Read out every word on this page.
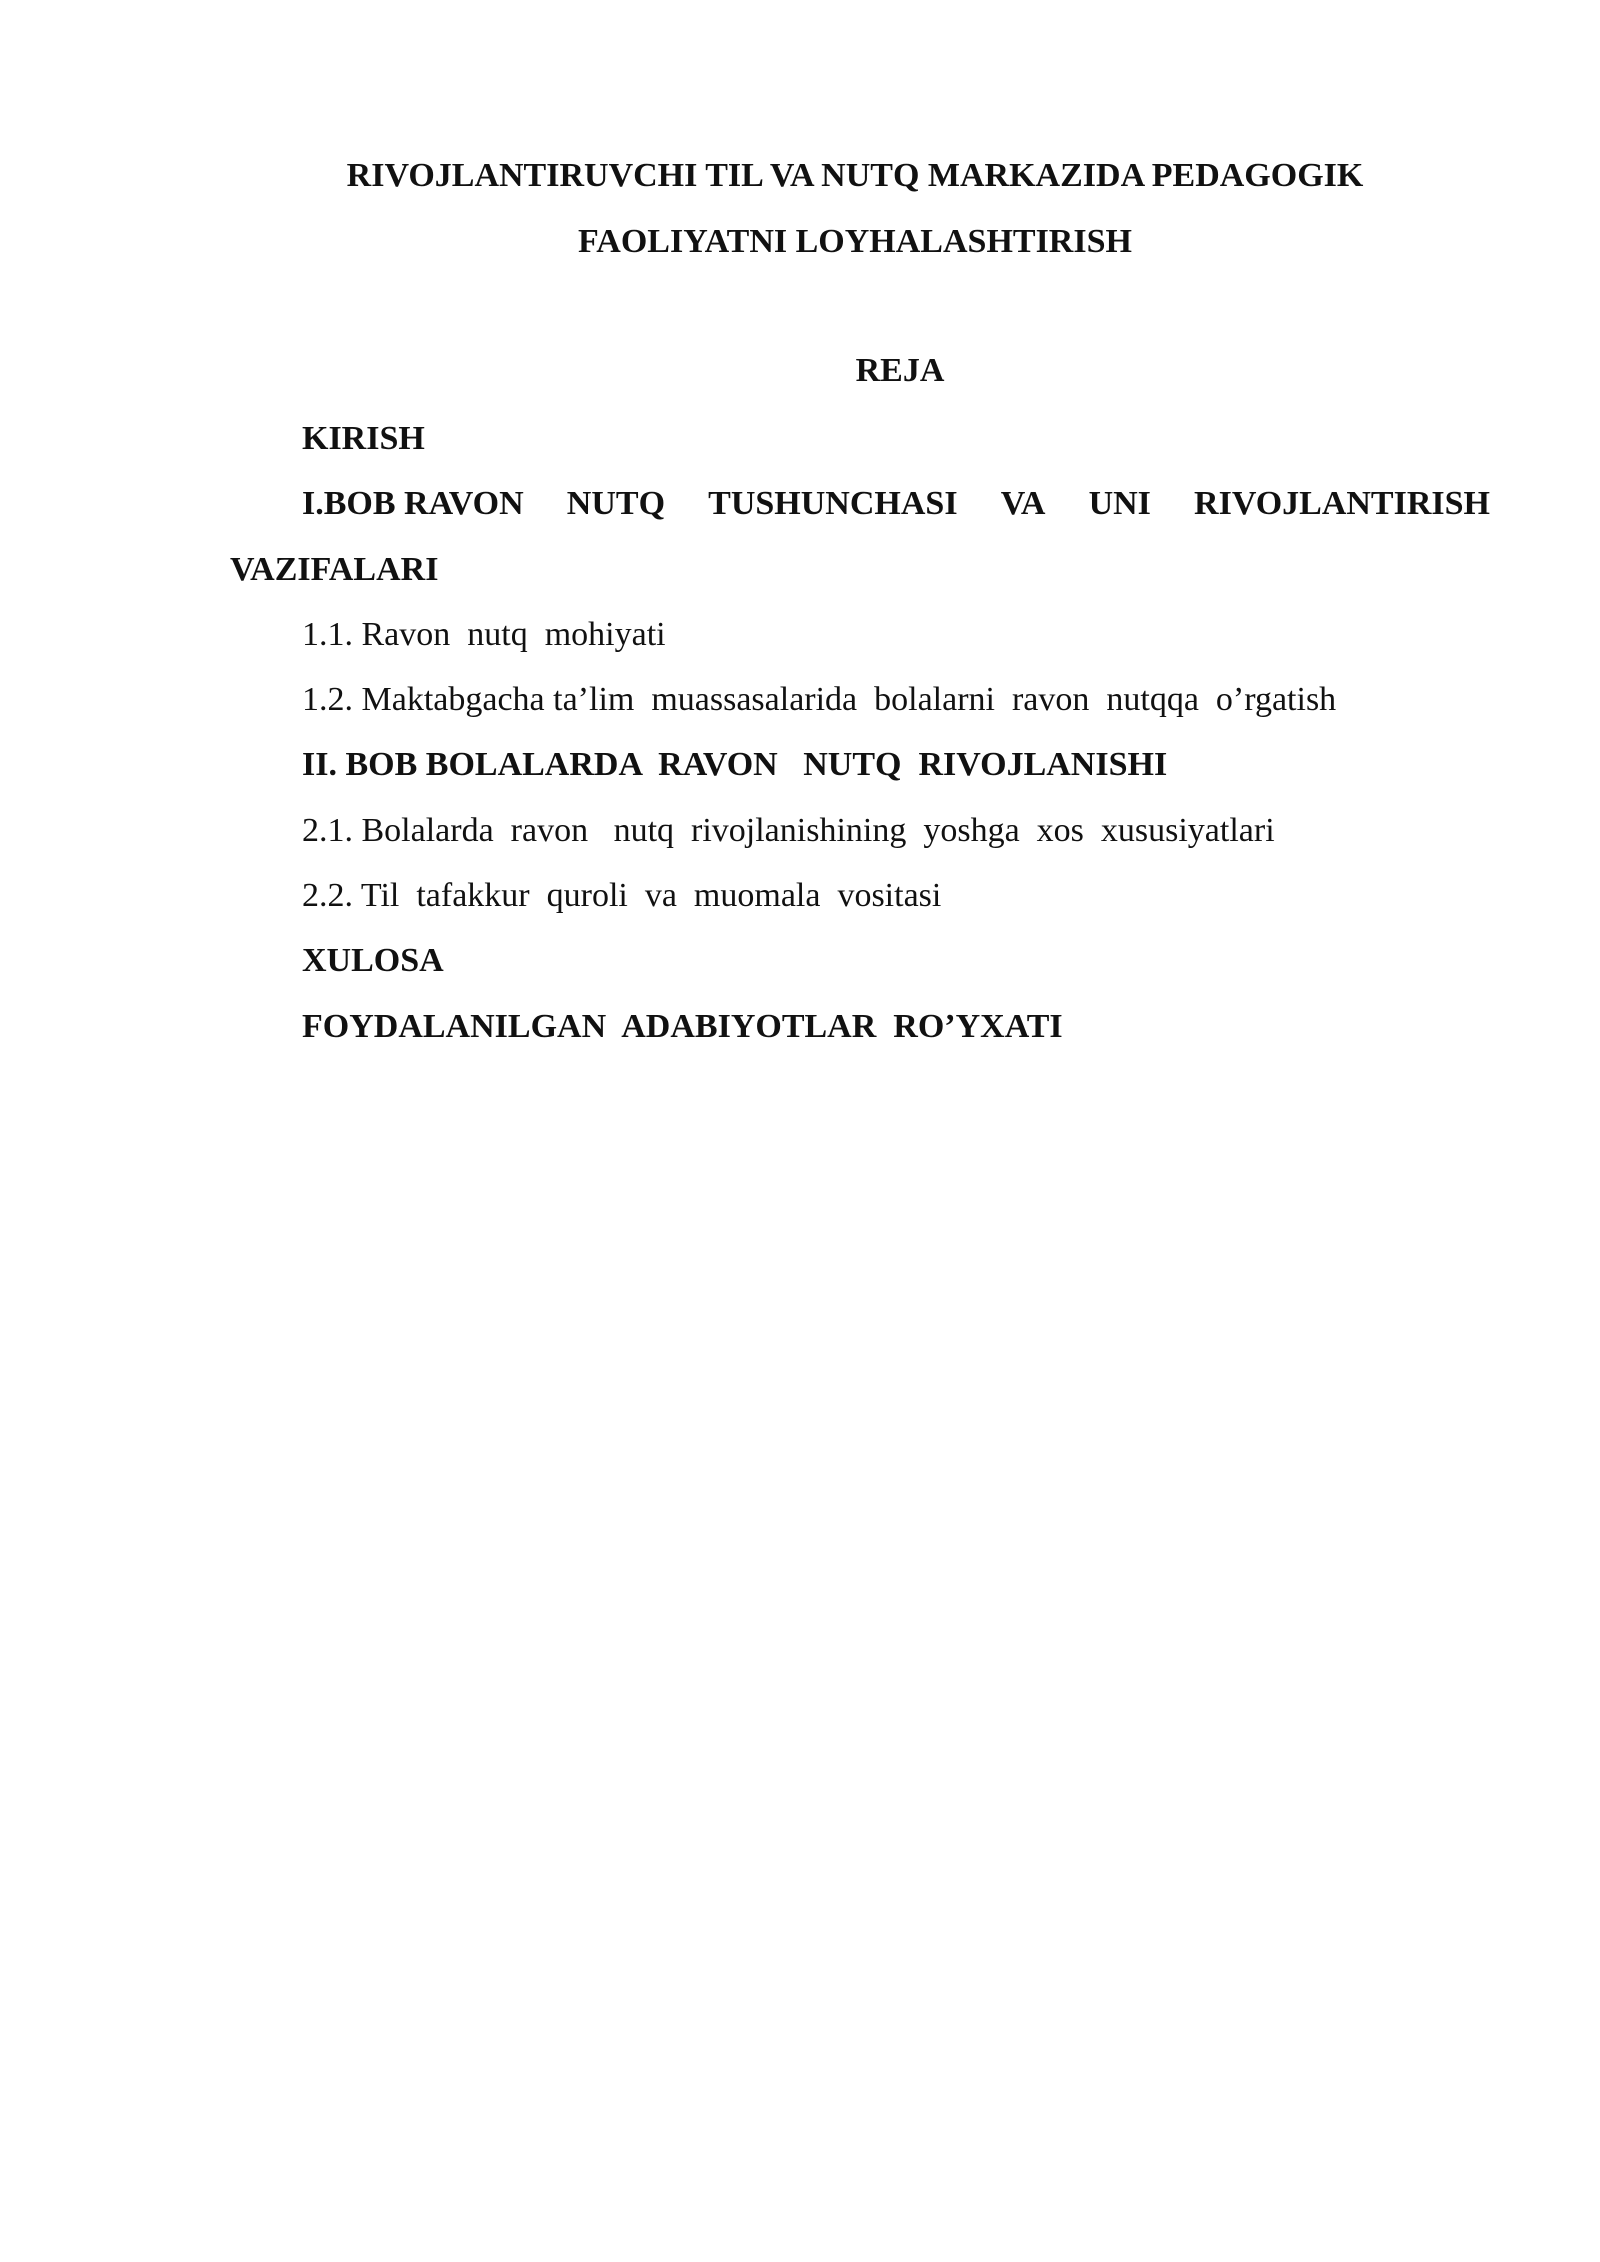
RIVOJLANTIRUVCHI TIL VA NUTQ MARKAZIDA PEDAGOGIK
FAOLIYATNI LOYHALASHTIRISH
REJA
KIRISH
I.BOB RAVON NUTQ TUSHUNCHASI VA UNI RIVOJLANTIRISH
VAZIFALARI
1.1. Ravon  nutq  mohiyati
1.2. Maktabgacha ta’lim  muassasalarida  bolalarni  ravon  nutqqa  o’rgatish
II. BOB BOLALARDA  RAVON   NUTQ  RIVOJLANISHI
2.1. Bolalarda  ravon   nutq  rivojlanishining  yoshga  xos  xususiyatlari
2.2. Til  tafakkur  quroli  va  muomala  vositasi
XULOSA
FOYDALANILGAN  ADABIYOTLAR  RO’YXATI
